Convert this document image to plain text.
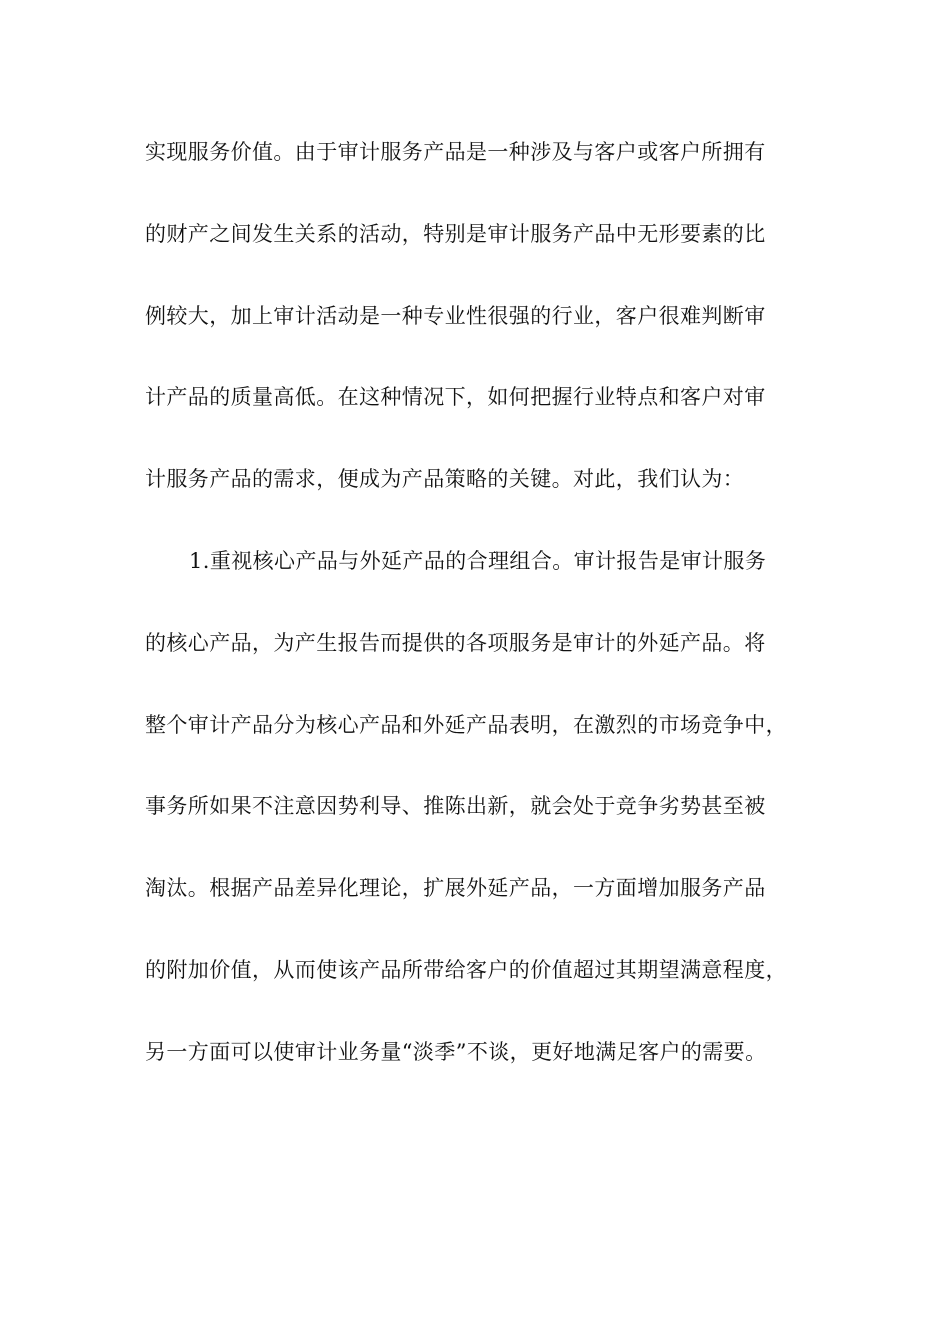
实现服务价值。由于审计服务产品是一种涉及与客户或客户所拥有
的财产之间发生关系的活动，特别是审计服务产品中无形要素的比
例较大，加上审计活动是一种专业性很强的行业，客户很难判断审
计产品的质量高低。在这种情况下，如何把握行业特点和客户对审
计服务产品的需求，便成为产品策略的关键。对此，我们认为：
1.重视核心产品与外延产品的合理组合。审计报告是审计服务
的核心产品，为产生报告而提供的各项服务是审计的外延产品。将
整个审计产品分为核心产品和外延产品表明，在激烈的市场竞争中，
事务所如果不注意因势利导、推陈出新，就会处于竞争劣势甚至被
淘汰。根据产品差异化理论，扩展外延产品，一方面增加服务产品
的附加价值，从而使该产品所带给客户的价值超过其期望满意程度，
另一方面可以使审计业务量“淡季”不谈，更好地满足客户的需要。
